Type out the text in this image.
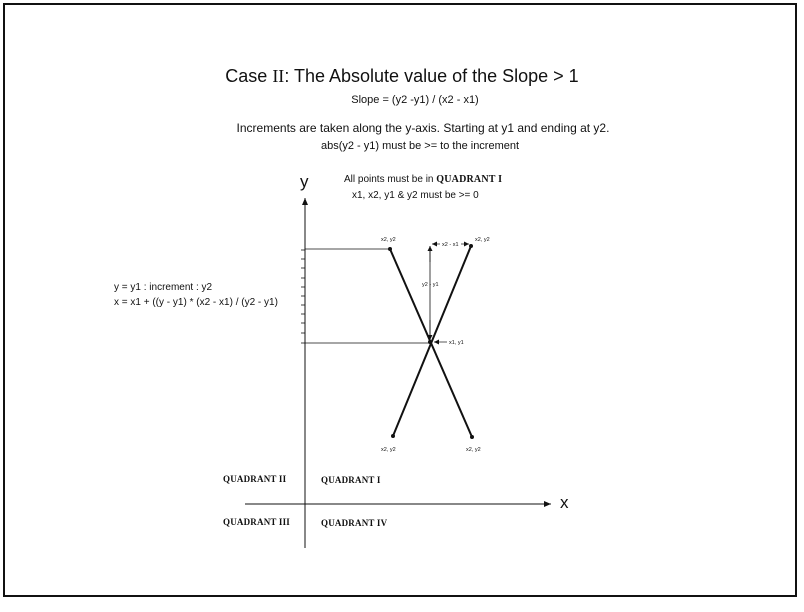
Case II: The Absolute value of the Slope > 1
Slope = (y2 -y1) / (x2 - x1)
Increments are taken along the y-axis. Starting at y1 and ending at y2.
abs(y2 - y1) must be >= to the increment
All points must be in QUADRANT I
x1, x2, y1 & y2 must be >= 0
y = y1 : increment : y2
x = x1 + ((y - y1) * (x2 - x1) / (y2 - y1)
QUADRANT II	QUADRANT I
QUADRANT III	QUADRANT IV
y
x
x2, y2	x2, y2
x1, y1
x2, y2	x2, y2
x2 - x1
y2 - y1
